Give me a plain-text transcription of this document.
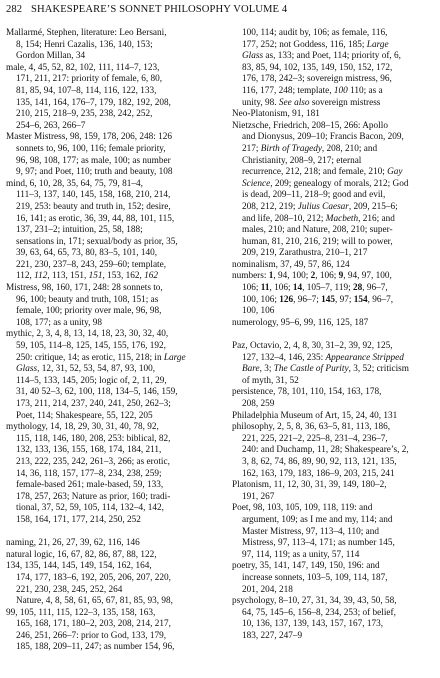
282 SHAKESPEARE’S SONNET PHILOSOPHY VOLUME 4
Mallarmé, Stephen, literature: Leo Bersani,
8, 154; Henri Cazalis, 136, 140, 153;
Gordon Millan, 34
male, 4, 45, 52, 82, 102, 111, 114–7, 123,
171, 211, 217: priority of female, 6, 80,
81, 85, 94, 107–8, 114, 116, 122, 133,
135, 141, 164, 176–7, 179, 182, 192, 208,
210, 215, 218–9, 235, 238, 242, 252,
254–6, 263, 266–7
Master Mistress, 98, 159, 178, 206, 248: 126
sonnets to, 96, 100, 116; female priority,
96, 98, 108, 177; as male, 100; as number
9, 97; and Poet, 110; truth and beauty, 108
mind, 6, 10, 28, 35, 64, 75, 79, 81–4,
111–3, 137, 140, 145, 158, 168, 210, 214,
219, 253: beauty and truth in, 152; desire,
16, 141; as erotic, 36, 39, 44, 88, 101, 115,
137, 231–2; intuition, 25, 58, 188;
sensations in, 171; sexual/body as prior, 35,
39, 63, 64, 65, 73, 80, 83–5, 101, 140,
221, 230, 237–8, 243, 259–60; template,
112, 112, 113, 151, 151, 153, 162, 162
Mistress, 98, 160, 171, 248: 28 sonnets to,
96, 100; beauty and truth, 108, 151; as
female, 100; priority over male, 96, 98,
108, 177; as a unity, 98
mythic, 2, 3, 4, 8, 13, 14, 18, 23, 30, 32, 40,
59, 105, 114–8, 125, 145, 155, 176, 192,
250: critique, 14; as erotic, 115, 218; in Large
Glass, 12, 31, 52, 53, 54, 87, 93, 100,
114–5, 133, 145, 205; logic of, 2, 11, 29,
31, 40 52–3, 62, 100, 118, 134–5, 146, 159,
173, 211, 214, 237, 240, 241, 250, 262–3;
Poet, 114; Shakespeare, 55, 122, 205
mythology, 14, 18, 29, 30, 31, 40, 78, 92,
115, 118, 146, 180, 208, 253: biblical, 82,
132, 133, 136, 155, 168, 174, 184, 211,
213, 222, 235, 242, 261–3, 266; as erotic,
14, 36, 118, 157, 177–8, 234, 238, 259;
female-based 261; male-based, 59, 133,
178, 257, 263; Nature as prior, 160; tradi-
tional, 37, 52, 59, 105, 114, 132–4, 142,
158, 164, 171, 177, 214, 250, 252
naming, 21, 26, 27, 39, 62, 116, 146
natural logic, 16, 67, 82, 86, 87, 88, 122,
134, 135, 144, 145, 149, 154, 162, 164,
174, 177, 183–6, 192, 205, 206, 207, 220,
221, 230, 238, 245, 252, 264
Nature, 4, 8, 58, 61, 65, 67, 81, 85, 93, 98,
99, 105, 111, 115, 122–3, 135, 158, 163,
165, 168, 171, 180–2, 203, 208, 214, 217,
246, 251, 266–7: prior to God, 133, 179,
185, 188, 209–11, 247; as number 154, 96,
100, 114; audit by, 106; as female, 116,
177, 252; not Goddess, 116, 185; Large
Glass as, 133; and Poet, 114; priority of, 6,
83, 85, 94, 102, 135, 149, 150, 152, 172,
176, 178, 242–3; sovereign mistress, 96,
116, 177, 248; template, 100 110; as a
unity, 98. See also sovereign mistress
Neo-Platonism, 91, 181
Nietzsche, Friedrich, 208–15, 266: Apollo
and Dionysus, 209–10; Francis Bacon, 209,
217; Birth of Tragedy, 208, 210; and
Christianity, 208–9, 217; eternal
recurrence, 212, 218; and female, 210; Gay
Science, 209; genealogy of morals, 212; God
is dead, 209–11, 218–9; good and evil,
208, 212, 219; Julius Caesar, 209, 215–6;
and life, 208–10, 212; Macbeth, 216; and
males, 210; and Nature, 208, 210; super-
human, 81, 210, 216, 219; will to power,
209, 219, Zarathustra, 210–1, 217
nominalism, 37, 49, 57, 86, 124
numbers: 1, 94, 100; 2, 106; 9, 94, 97, 100,
106; 11, 106; 14, 105–7, 119; 28, 96–7,
100, 106; 126, 96–7; 145, 97; 154, 96–7,
100, 106
numerology, 95–6, 99, 116, 125, 187
Paz, Octavio, 2, 4, 8, 30, 31–2, 39, 92, 125,
127, 132–4, 146, 235: Appearance Stripped
Bare, 3; The Castle of Purity, 3, 52; criticism
of myth, 31, 52
persistence, 78, 101, 110, 154, 163, 178,
208, 259
Philadelphia Museum of Art, 15, 24, 40, 131
philosophy, 2, 5, 8, 36, 63–5, 81, 113, 186,
221, 225, 221–2, 225–8, 231–4, 236–7,
240: and Duchamp, 11, 28; Shakespeare’s, 2,
3, 8, 62, 74, 86, 89, 90, 92, 113, 121, 135,
162, 163, 179, 183, 186–9, 203, 215, 241
Platonism, 11, 12, 30, 31, 39, 149, 180–2,
191, 267
Poet, 98, 103, 105, 109, 118, 119: and
argument, 109; as I me and my, 114; and
Master Mistress, 97, 113–4, 110; and
Mistress, 97, 113–4, 171; as number 145,
97, 114, 119; as a unity, 57, 114
poetry, 35, 141, 147, 149, 150, 196: and
increase sonnets, 103–5, 109, 114, 187,
201, 204, 218
psychology, 8–10, 27, 31, 34, 39, 43, 50, 58,
64, 75, 145–6, 156–8, 234, 253; of belief,
10, 136, 137, 139, 143, 157, 167, 173,
183, 227, 247–9
